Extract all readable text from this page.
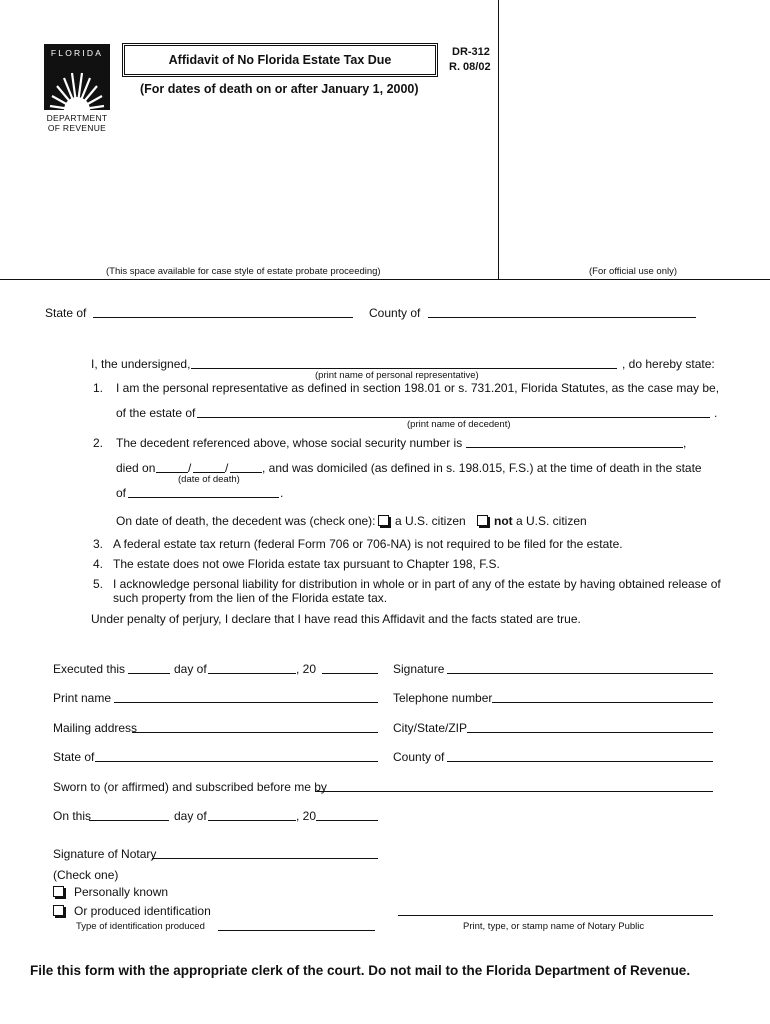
FLORIDA
DEPARTMENT
OF REVENUE
Affidavit of No Florida Estate Tax Due
(For dates of death on or after January 1, 2000)
DR-312
R. 08/02
(This space available for case style of estate probate proceeding)	(For official use only)
State of	County of
I, the undersigned,	, do hereby state:
(print name of personal representative)
1. I am the personal representative as defined in section 198.01 or s. 731.201, Florida Statutes, as the case may be,
of the estate of	.
(print name of decedent)
2. The decedent referenced above, whose social security number is	,
died on	/	/	, and was domiciled (as defined in s. 198.015, F.S.) at the time of death in the state
(date of death)
of	.
On date of death, the decedent was (check one):	a U.S. citizen	not a U.S. citizen
3. A federal estate tax return (federal Form 706 or 706-NA) is not required to be filed for the estate.
4. The estate does not owe Florida estate tax pursuant to Chapter 198, F.S.
5. I acknowledge personal liability for distribution in whole or in part of any of the estate by having obtained release of
such property from the lien of the Florida estate tax.
Under penalty of perjury, I declare that I have read this Affidavit and the facts stated are true.
Executed this	day of	, 20	Signature
Print name	Telephone number
Mailing address	City/State/ZIP
State of	County of
Sworn to (or affirmed) and subscribed before me by
On this	day of	, 20
Signature of Notary
(Check one)
Personally known
Or produced identification
Type of identification produced	Print, type, or stamp name of Notary Public
File this form with the appropriate clerk of the court. Do not mail to the Florida Department of Revenue.
